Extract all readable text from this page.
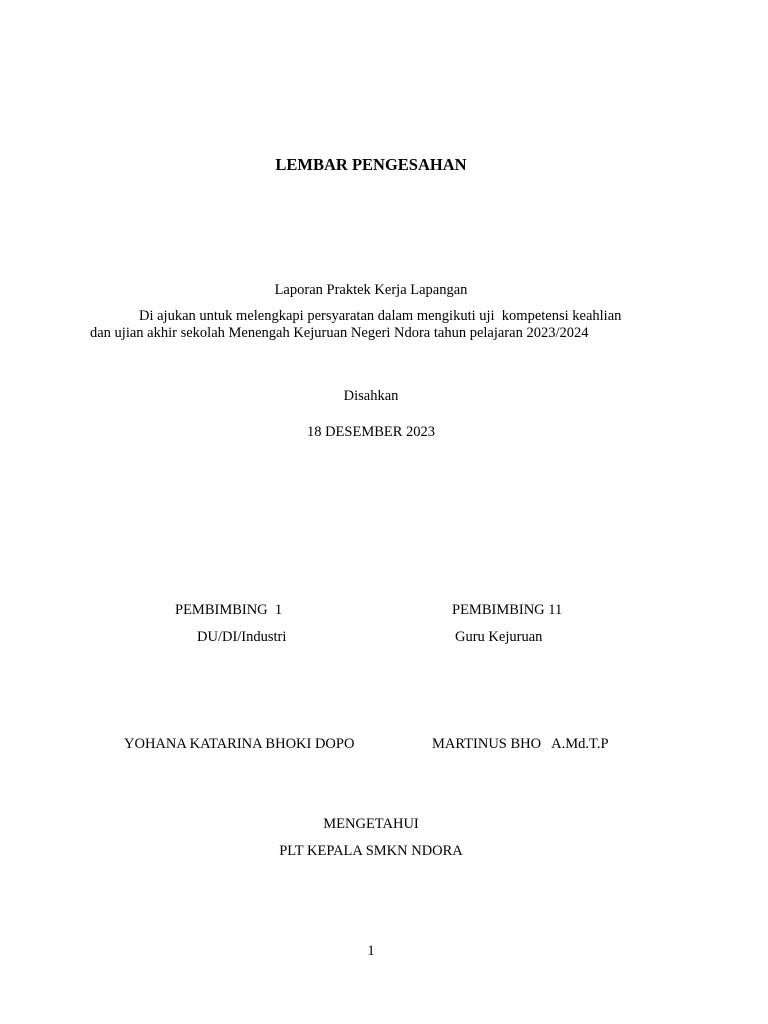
LEMBAR PENGESAHAN
Laporan Praktek Kerja Lapangan
Di ajukan untuk melengkapi persyaratan dalam mengikuti uji  kompetensi keahlian
dan ujian akhir sekolah Menengah Kejuruan Negeri Ndora tahun pelajaran 2023/2024
Disahkan
18 DESEMBER 2023
PEMBIMBING  1
DU/DI/Industri
PEMBIMBING 11
Guru Kejuruan
YOHANA KATARINA BHOKI DOPO	MARTINUS BHO   A.Md.T.P
MENGETAHUI
PLT KEPALA SMKN NDORA
1
